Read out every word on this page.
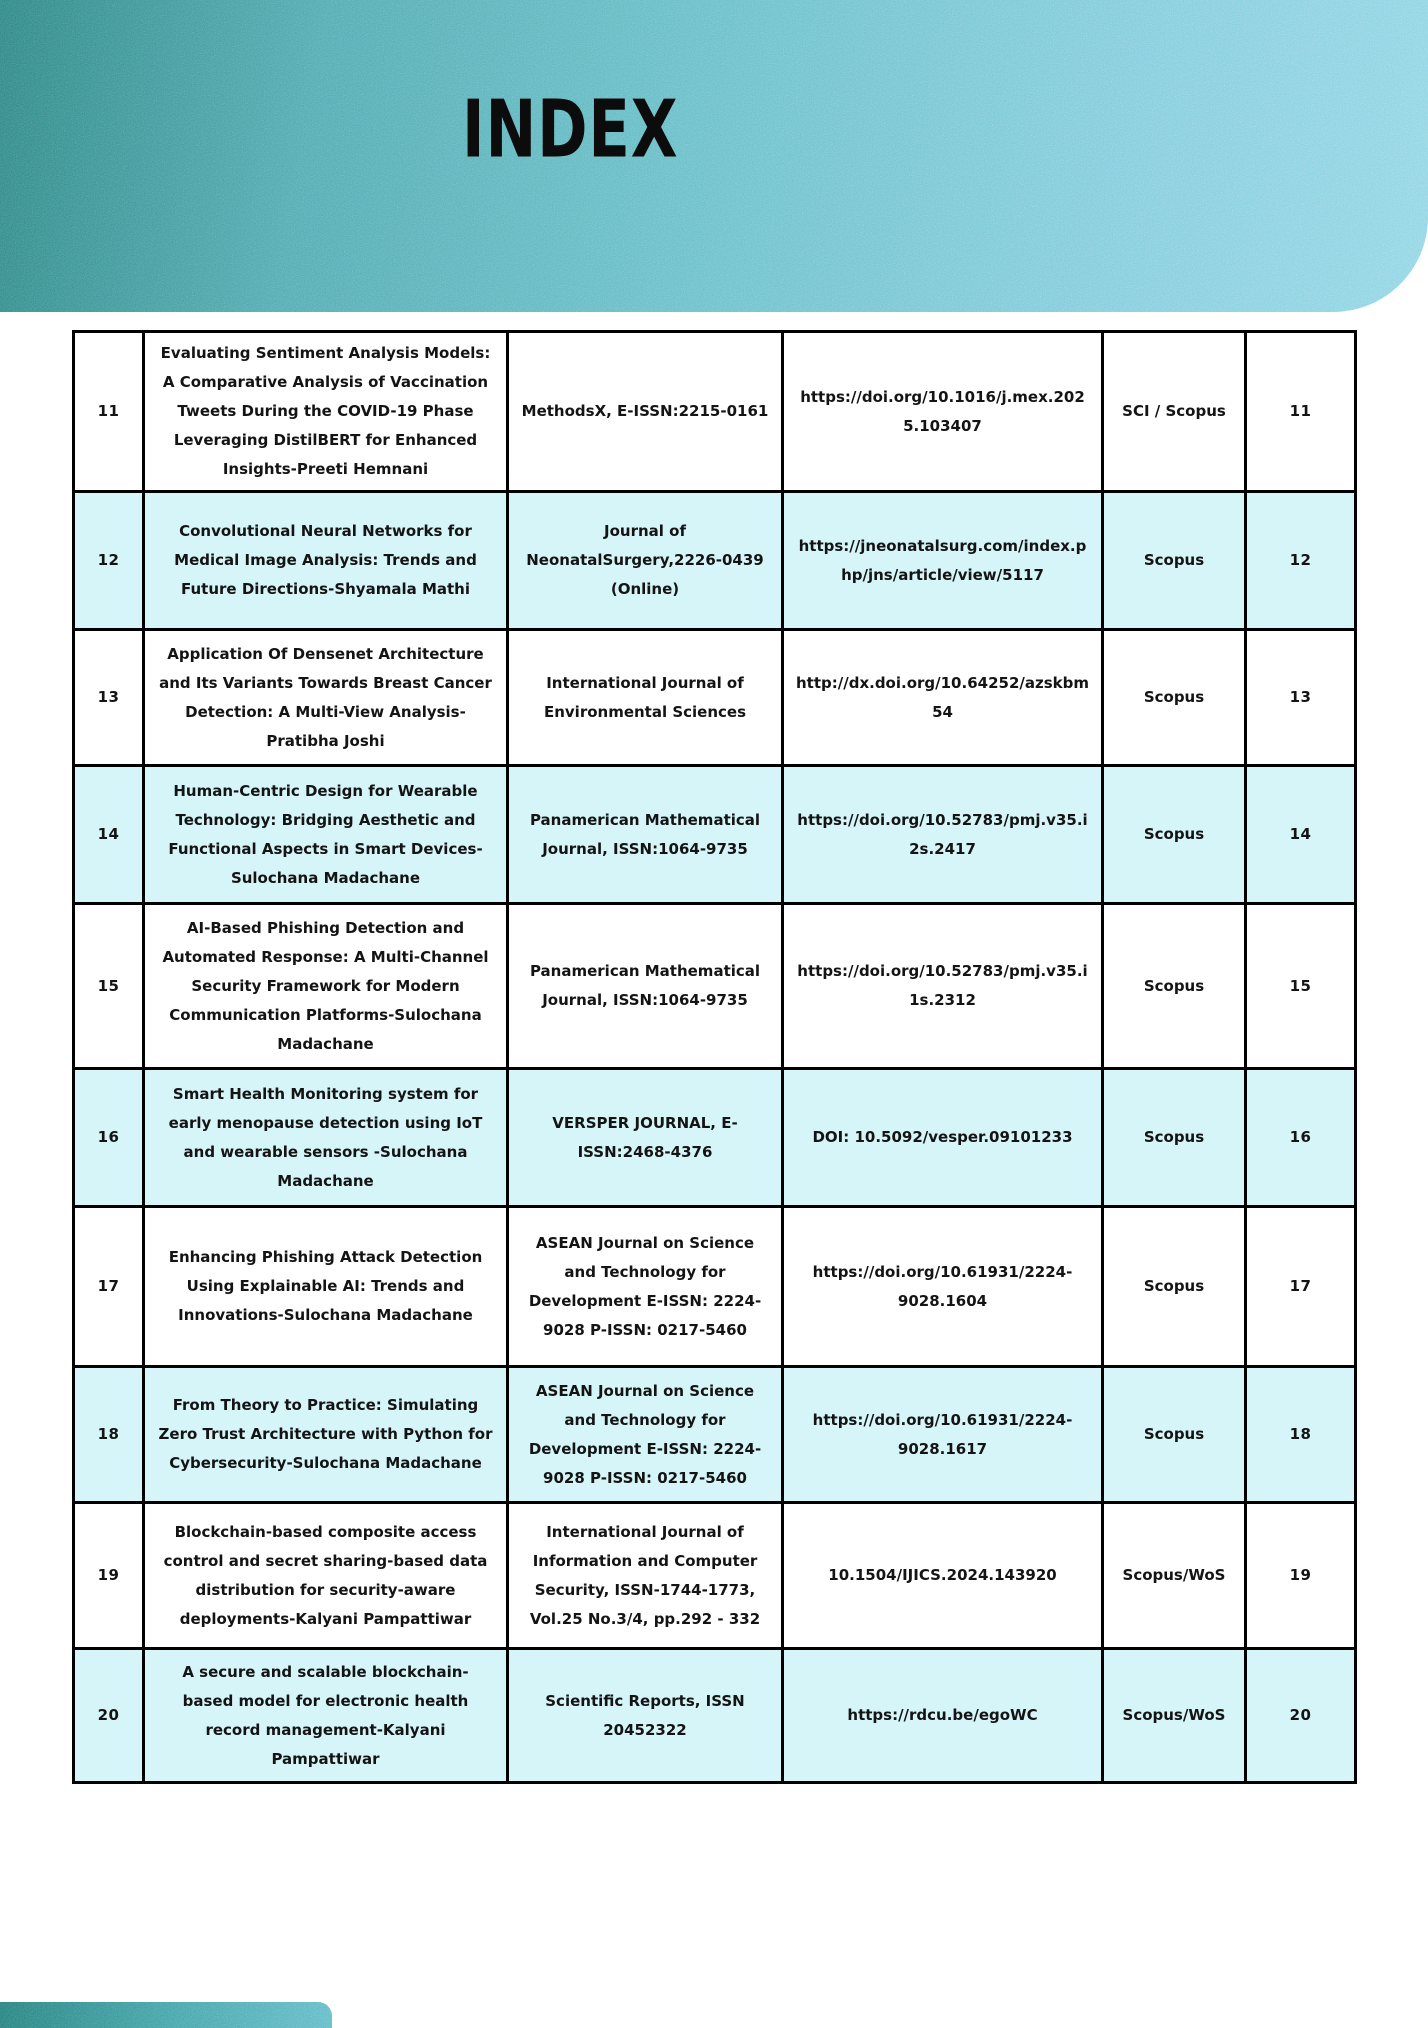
INDEX
11	Evaluating Sentiment Analysis Models: A Comparative Analysis of Vaccination Tweets During the COVID-19 Phase Leveraging DistilBERT for Enhanced Insights-Preeti Hemnani	MethodsX, E-ISSN:2215-0161	https://doi.org/10.1016/j.mex.2025.103407	SCI / Scopus	11
12	Convolutional Neural Networks for Medical Image Analysis: Trends and Future Directions-Shyamala Mathi	Journal of NeonatalSurgery,2226-0439 (Online)	https://jneonatalsurg.com/index.php/jns/article/view/5117	Scopus	12
13	Application Of Densenet Architecture and Its Variants Towards Breast Cancer Detection: A Multi-View Analysis-Pratibha Joshi	International Journal of Environmental Sciences	http://dx.doi.org/10.64252/azskbm54	Scopus	13
14	Human-Centric Design for Wearable Technology: Bridging Aesthetic and Functional Aspects in Smart Devices-Sulochana Madachane	Panamerican Mathematical Journal, ISSN:1064-9735	https://doi.org/10.52783/pmj.v35.i2s.2417	Scopus	14
15	AI-Based Phishing Detection and Automated Response: A Multi-Channel Security Framework for Modern Communication Platforms-Sulochana Madachane	Panamerican Mathematical Journal, ISSN:1064-9735	https://doi.org/10.52783/pmj.v35.i1s.2312	Scopus	15
16	Smart Health Monitoring system for early menopause detection using IoT and wearable sensors -Sulochana Madachane	VERSPER JOURNAL, E-ISSN:2468-4376	DOI: 10.5092/vesper.09101233	Scopus	16
17	Enhancing Phishing Attack Detection Using Explainable AI: Trends and Innovations-Sulochana Madachane	ASEAN Journal on Science and Technology for Development E-ISSN: 2224-9028 P-ISSN: 0217-5460	https://doi.org/10.61931/2224-9028.1604	Scopus	17
18	From Theory to Practice: Simulating Zero Trust Architecture with Python for Cybersecurity-Sulochana Madachane	ASEAN Journal on Science and Technology for Development E-ISSN: 2224-9028 P-ISSN: 0217-5460	https://doi.org/10.61931/2224-9028.1617	Scopus	18
19	Blockchain-based composite access control and secret sharing-based data distribution for security-aware deployments-Kalyani Pampattiwar	International Journal of Information and Computer Security, ISSN-1744-1773, Vol.25 No.3/4, pp.292 - 332	10.1504/IJICS.2024.143920	Scopus/WoS	19
20	A secure and scalable blockchain-based model for electronic health record management-Kalyani Pampattiwar	Scientific Reports, ISSN 20452322	https://rdcu.be/egoWC	Scopus/WoS	20
